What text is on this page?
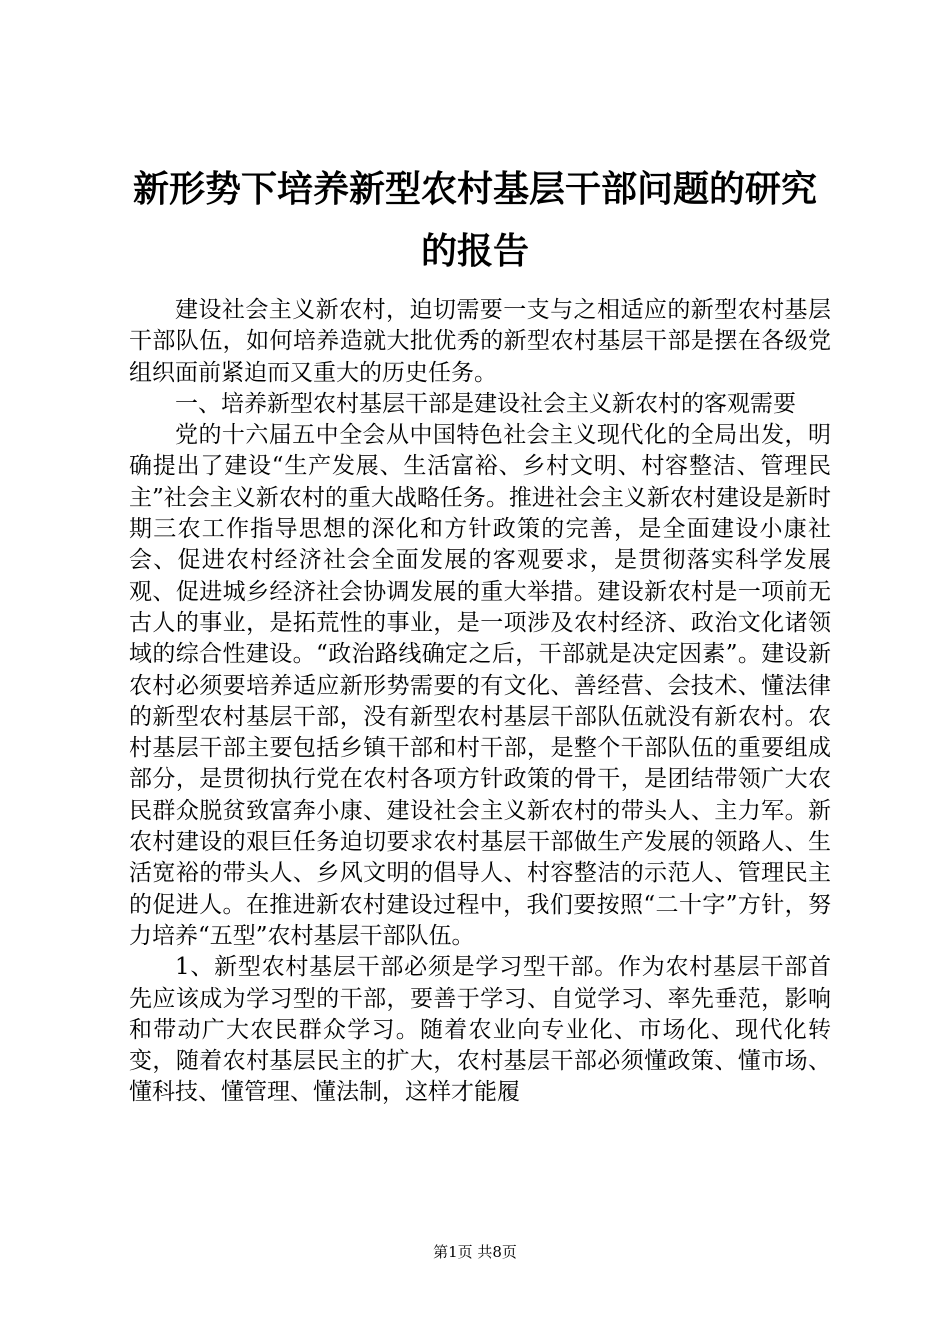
新形势下培养新型农村基层干部问题的研究的报告

建设社会主义新农村，迫切需要一支与之相适应的新型农村基层干部队伍，如何培养造就大批优秀的新型农村基层干部是摆在各级党组织面前紧迫而又重大的历史任务。

一、培养新型农村基层干部是建设社会主义新农村的客观需要

党的十六届五中全会从中国特色社会主义现代化的全局出发，明确提出了建设“生产发展、生活富裕、乡村文明、村容整洁、管理民主”社会主义新农村的重大战略任务。推进社会主义新农村建设是新时期三农工作指导思想的深化和方针政策的完善，是全面建设小康社会、促进农村经济社会全面发展的客观要求，是贯彻落实科学发展观、促进城乡经济社会协调发展的重大举措。建设新农村是一项前无古人的事业，是拓荒性的事业，是一项涉及农村经济、政治文化诸领域的综合性建设。“政治路线确定之后，干部就是决定因素”。建设新农村必须要培养适应新形势需要的有文化、善经营、会技术、懂法律的新型农村基层干部，没有新型农村基层干部队伍就没有新农村。农村基层干部主要包括乡镇干部和村干部，是整个干部队伍的重要组成部分，是贯彻执行党在农村各项方针政策的骨干，是团结带领广大农民群众脱贫致富奔小康、建设社会主义新农村的带头人、主力军。新农村建设的艰巨任务迫切要求农村基层干部做生产发展的领路人、生活宽裕的带头人、乡风文明的倡导人、村容整洁的示范人、管理民主的促进人。在推进新农村建设过程中，我们要按照“二十字”方针，努力培养“五型”农村基层干部队伍。

1、新型农村基层干部必须是学习型干部。作为农村基层干部首先应该成为学习型的干部，要善于学习、自觉学习、率先垂范，影响和带动广大农民群众学习。随着农业向专业化、市场化、现代化转变，随着农村基层民主的扩大，农村基层干部必须懂政策、懂市场、懂科技、懂管理、懂法制，这样才能履

第1页 共8页
